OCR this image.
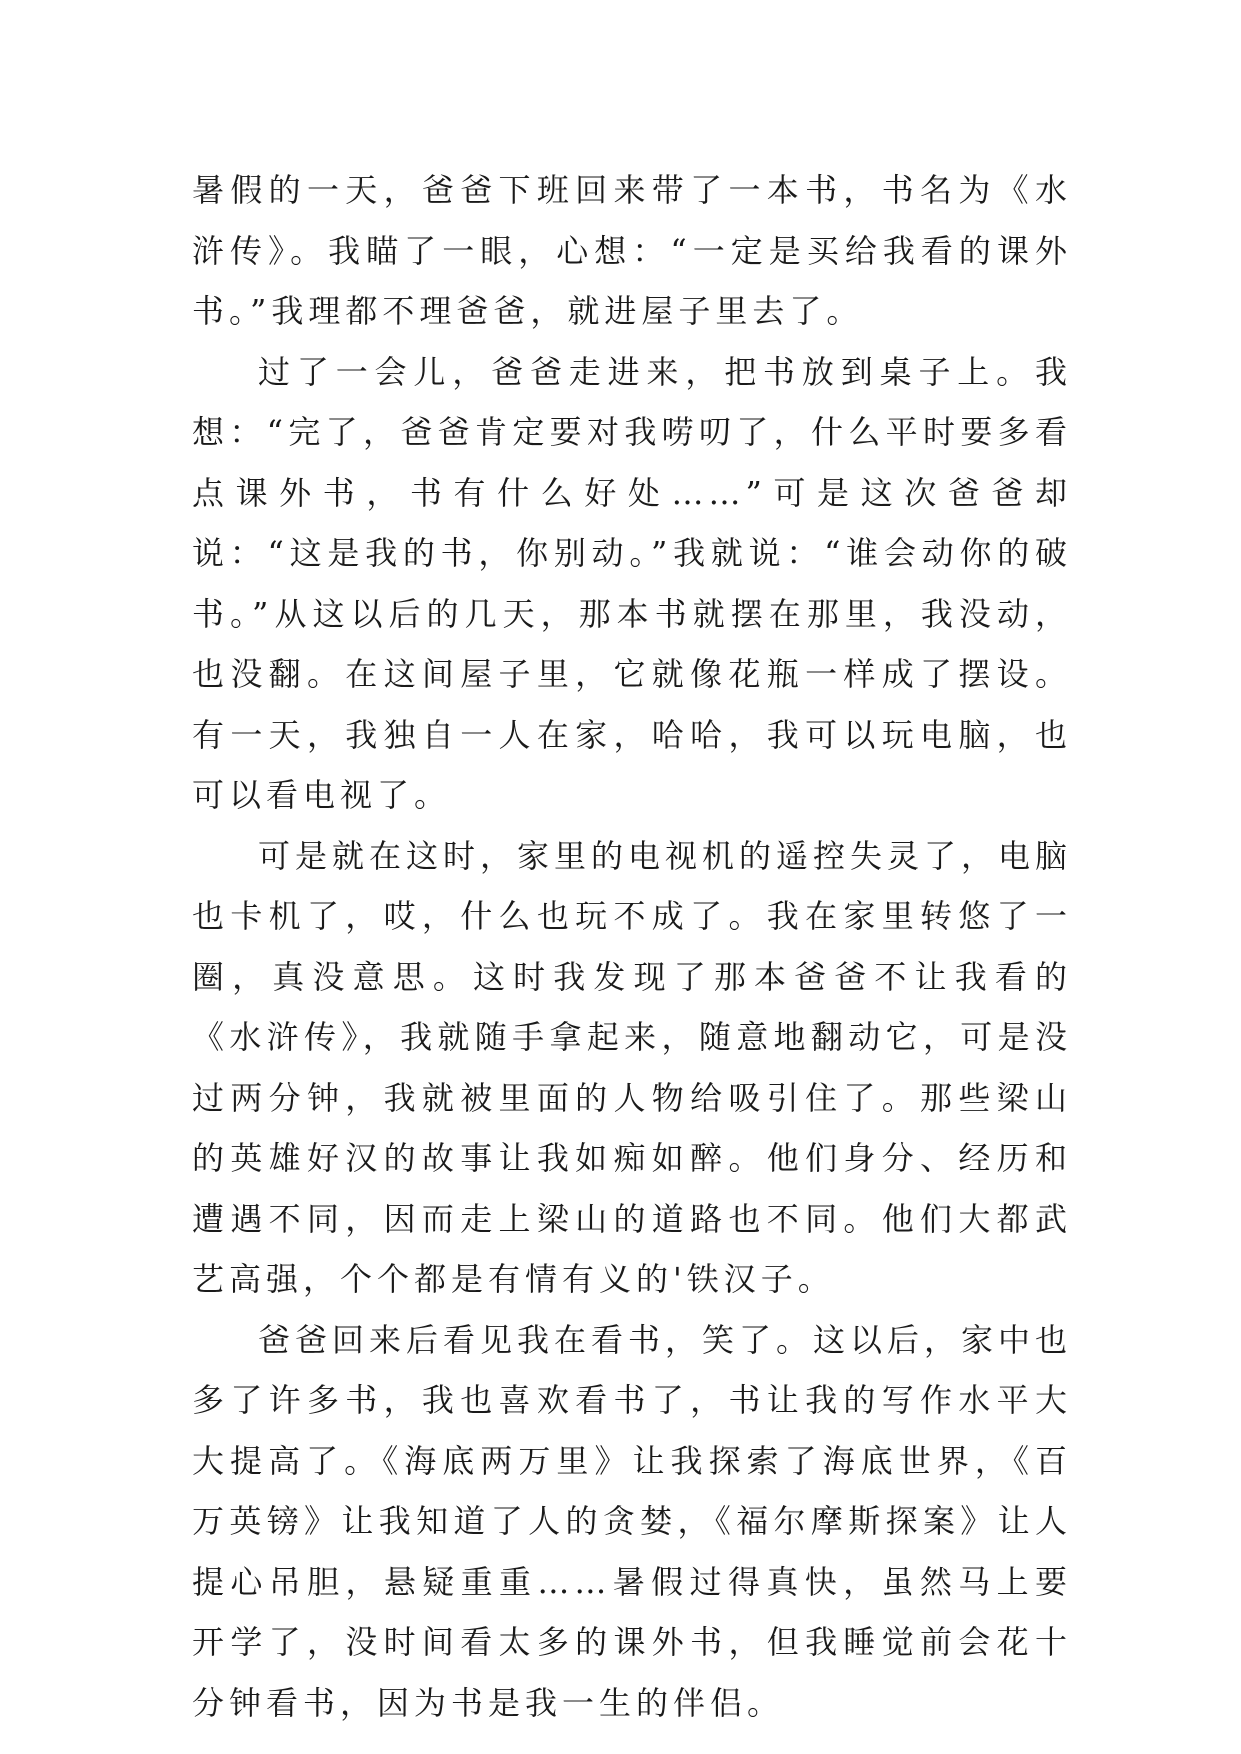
暑假的一天，爸爸下班回来带了一本书，书名为《水浒传》。我瞄了一眼，心想：“一定是买给我看的课外书。”我理都不理爸爸，就进屋子里去了。

过了一会儿，爸爸走进来，把书放到桌子上。我想：“完了，爸爸肯定要对我唠叨了，什么平时要多看点课外书，书有什么好处……”可是这次爸爸却说：“这是我的书，你别动。”我就说：“谁会动你的破书。”从这以后的几天，那本书就摆在那里，我没动，也没翻。在这间屋子里，它就像花瓶一样成了摆设。有一天，我独自一人在家，哈哈，我可以玩电脑，也可以看电视了。

可是就在这时，家里的电视机的遥控失灵了，电脑也卡机了，哎，什么也玩不成了。我在家里转悠了一圈，真没意思。这时我发现了那本爸爸不让我看的《水浒传》，我就随手拿起来，随意地翻动它，可是没过两分钟，我就被里面的人物给吸引住了。那些梁山的英雄好汉的故事让我如痴如醉。他们身分、经历和遭遇不同，因而走上梁山的道路也不同。他们大都武艺高强，个个都是有情有义的'铁汉子。

爸爸回来后看见我在看书，笑了。这以后，家中也多了许多书，我也喜欢看书了，书让我的写作水平大大提高了。《海底两万里》让我探索了海底世界，《百万英镑》让我知道了人的贪婪，《福尔摩斯探案》让人提心吊胆，悬疑重重……暑假过得真快，虽然马上要开学了，没时间看太多的课外书，但我睡觉前会花十分钟看书，因为书是我一生的伴侣。
